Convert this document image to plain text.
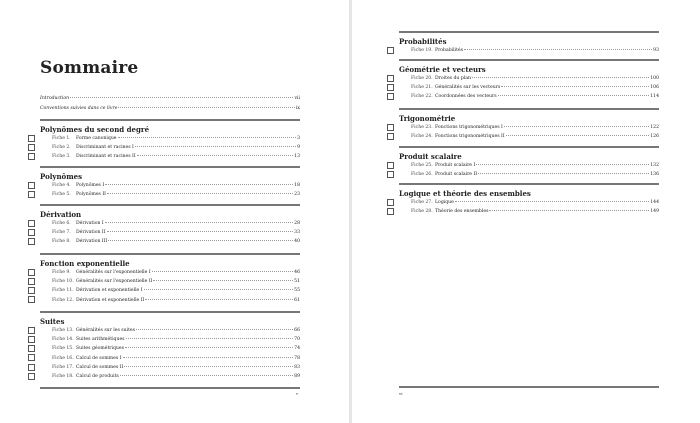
Sommaire
Introduction	vii
Conventions suivies dans ce livre	ix
Polynômes du second degré
Fiche 1.	Forme canonique	3
Fiche 2.	Discriminant et racines I	9
Fiche 3.	Discriminant et racines II	13
Polynômes
Fiche 4.	Polynômes I	18
Fiche 5.	Polynômes II	23
Dérivation
Fiche 6.	Dérivation I	28
Fiche 7.	Dérivation II	33
Fiche 8.	Dérivation III	40
Fonction exponentielle
Fiche 9.	Généralités sur l'exponentielle I	46
Fiche 10. Généralités sur l'exponentielle II	51
Fiche 11. Dérivation et exponentielle I	55
Fiche 12. Dérivation et exponentielle II	61
Suites
Fiche 13. Généralités sur les suites	66
Fiche 14. Suites arithmétiques	70
Fiche 15. Suites géométriques	74
Fiche 16. Calcul de sommes I	78
Fiche 17. Calcul de sommes II	83
Fiche 18. Calcul de produits	89
v
Probabilités
Fiche 19. Probabilités	93
Géométrie et vecteurs
Fiche 20. Droites du plan	100
Fiche 21. Généralités sur les vecteurs	106
Fiche 22. Coordonnées des vecteurs	114
Trigonométrie
Fiche 23. Fonctions trigonométriques I	122
Fiche 24. Fonctions trigonométriques II	126
Produit scalaire
Fiche 25. Produit scalaire I	132
Fiche 26. Produit scalaire II	136
Logique et théorie des ensembles
Fiche 27. Logique	144
Fiche 28. Théorie des ensembles	149
vi
